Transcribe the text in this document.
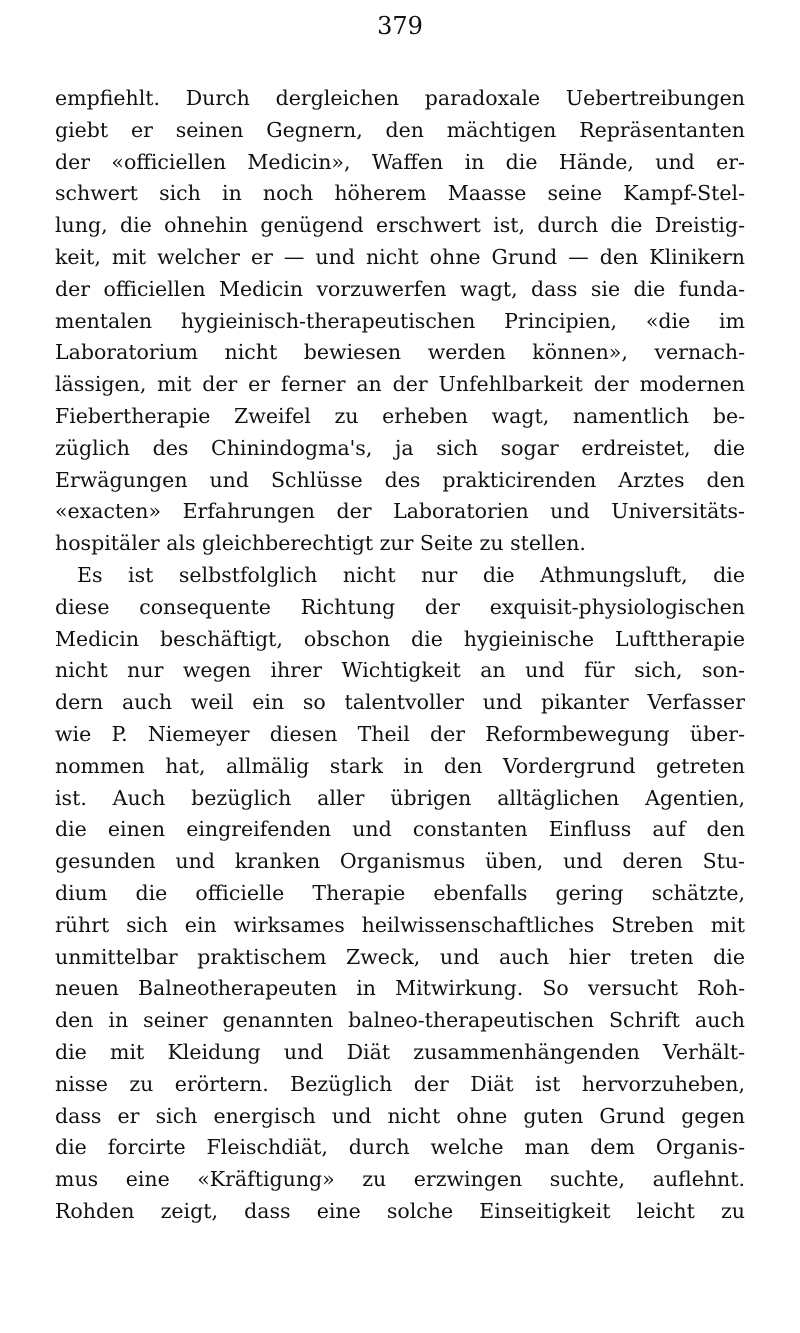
379
empfiehlt. Durch dergleichen paradoxale Uebertreibungen
giebt er seinen Gegnern, den mächtigen Repräsentanten
der «officiellen Medicin», Waffen in die Hände, und er-
schwert sich in noch höherem Maasse seine Kampf-Stel-
lung, die ohnehin genügend erschwert ist, durch die Dreistig-
keit, mit welcher er — und nicht ohne Grund — den Klinikern
der officiellen Medicin vorzuwerfen wagt, dass sie die funda-
mentalen hygieinisch-therapeutischen Principien, «die im
Laboratorium nicht bewiesen werden können», vernach-
lässigen, mit der er ferner an der Unfehlbarkeit der modernen
Fiebertherapie Zweifel zu erheben wagt, namentlich be-
züglich des Chinindogma's, ja sich sogar erdreistet, die
Erwägungen und Schlüsse des prakticirenden Arztes den
«exacten» Erfahrungen der Laboratorien und Universitäts-
hospitäler als gleichberechtigt zur Seite zu stellen.
Es ist selbstfolglich nicht nur die Athmungsluft, die
diese consequente Richtung der exquisit-physiologischen
Medicin beschäftigt, obschon die hygieinische Lufttherapie
nicht nur wegen ihrer Wichtigkeit an und für sich, son-
dern auch weil ein so talentvoller und pikanter Verfasser
wie P. Niemeyer diesen Theil der Reformbewegung über-
nommen hat, allmälig stark in den Vordergrund getreten
ist. Auch bezüglich aller übrigen alltäglichen Agentien,
die einen eingreifenden und constanten Einfluss auf den
gesunden und kranken Organismus üben, und deren Stu-
dium die officielle Therapie ebenfalls gering schätzte,
rührt sich ein wirksames heilwissenschaftliches Streben mit
unmittelbar praktischem Zweck, und auch hier treten die
neuen Balneotherapeuten in Mitwirkung. So versucht Roh-
den in seiner genannten balneo-therapeutischen Schrift auch
die mit Kleidung und Diät zusammenhängenden Verhält-
nisse zu erörtern. Bezüglich der Diät ist hervorzuheben,
dass er sich energisch und nicht ohne guten Grund gegen
die forcirte Fleischdiät, durch welche man dem Organis-
mus eine «Kräftigung» zu erzwingen suchte, auflehnt.
Rohden zeigt, dass eine solche Einseitigkeit leicht zu
